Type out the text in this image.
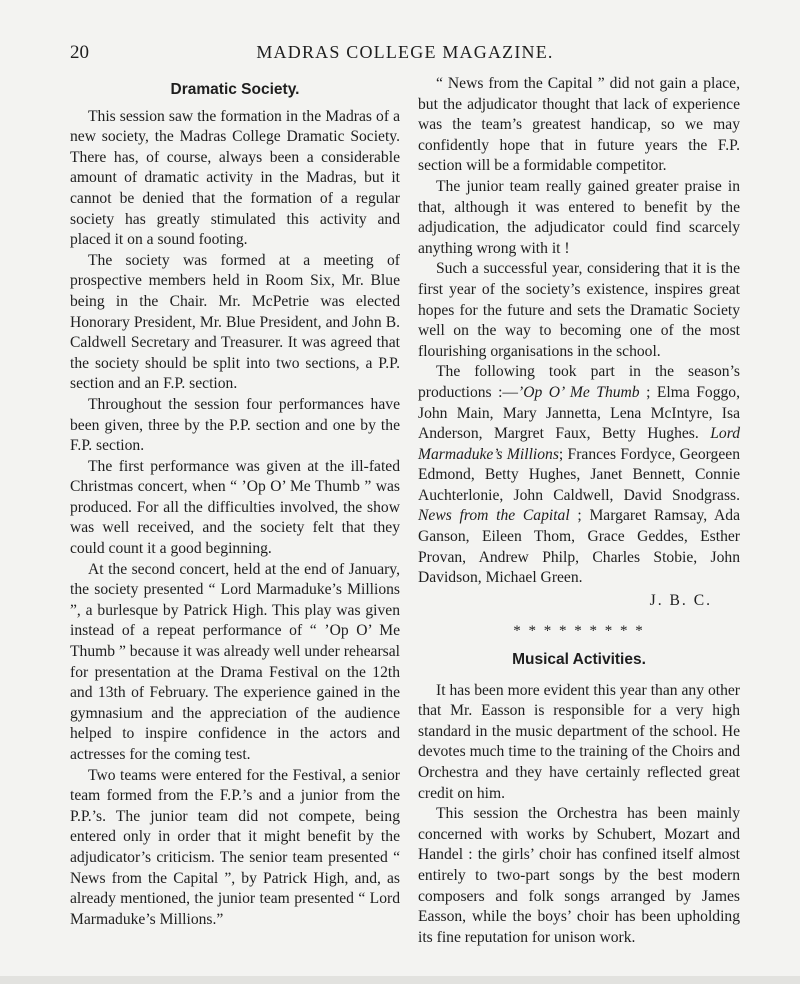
20	MADRAS COLLEGE MAGAZINE.
Dramatic Society.

This session saw the formation in the Madras of a new society, the Madras College Dramatic Society. There has, of course, always been a considerable amount of dramatic activity in the Madras, but it cannot be denied that the formation of a regular society has greatly stimulated this activity and placed it on a sound footing.

The society was formed at a meeting of prospective members held in Room Six, Mr. Blue being in the Chair. Mr. McPetrie was elected Honorary President, Mr. Blue President, and John B. Caldwell Secretary and Treasurer. It was agreed that the society should be split into two sections, a P.P. section and an F.P. section.

Throughout the session four performances have been given, three by the P.P. section and one by the F.P. section.

The first performance was given at the ill-fated Christmas concert, when “ ’Op O’ Me Thumb ” was produced. For all the difficulties involved, the show was well received, and the society felt that they could count it a good beginning.

At the second concert, held at the end of January, the society presented “ Lord Marmaduke’s Millions ”, a burlesque by Patrick High. This play was given instead of a repeat performance of “ ’Op O’ Me Thumb ” because it was already well under rehearsal for presentation at the Drama Festival on the 12th and 13th of February. The experience gained in the gymnasium and the appreciation of the audience helped to inspire confidence in the actors and actresses for the coming test.

Two teams were entered for the Festival, a senior team formed from the F.P.’s and a junior from the P.P.’s. The junior team did not compete, being entered only in order that it might benefit by the adjudicator’s criticism. The senior team presented “ News from the Capital ”, by Patrick High, and, as already mentioned, the junior team presented “ Lord Marmaduke’s Millions.”

“ News from the Capital ” did not gain a place, but the adjudicator thought that lack of experience was the team’s greatest handicap, so we may confidently hope that in future years the F.P. section will be a formidable competitor.

The junior team really gained greater praise in that, although it was entered to benefit by the adjudication, the adjudicator could find scarcely anything wrong with it !

Such a successful year, considering that it is the first year of the society’s existence, inspires great hopes for the future and sets the Dramatic Society well on the way to becoming one of the most flourishing organisations in the school.

The following took part in the season’s productions :—’Op O’ Me Thumb ; Elma Foggo, John Main, Mary Jannetta, Lena McIntyre, Isa Anderson, Margret Faux, Betty Hughes. Lord Marmaduke’s Millions; Frances Fordyce, Georgeen Edmond, Betty Hughes, Janet Bennett, Connie Auchterlonie, John Caldwell, David Snodgrass. News from the Capital ; Margaret Ramsay, Ada Ganson, Eileen Thom, Grace Geddes, Esther Provan, Andrew Philp, Charles Stobie, John Davidson, Michael Green.

J. B. C.
* * * * * * * * *
Musical Activities.

It has been more evident this year than any other that Mr. Easson is responsible for a very high standard in the music department of the school. He devotes much time to the training of the Choirs and Orchestra and they have certainly reflected great credit on him.

This session the Orchestra has been mainly concerned with works by Schubert, Mozart and Handel : the girls’ choir has confined itself almost entirely to two-part songs by the best modern composers and folk songs arranged by James Easson, while the boys’ choir has been upholding its fine reputation for unison work.
